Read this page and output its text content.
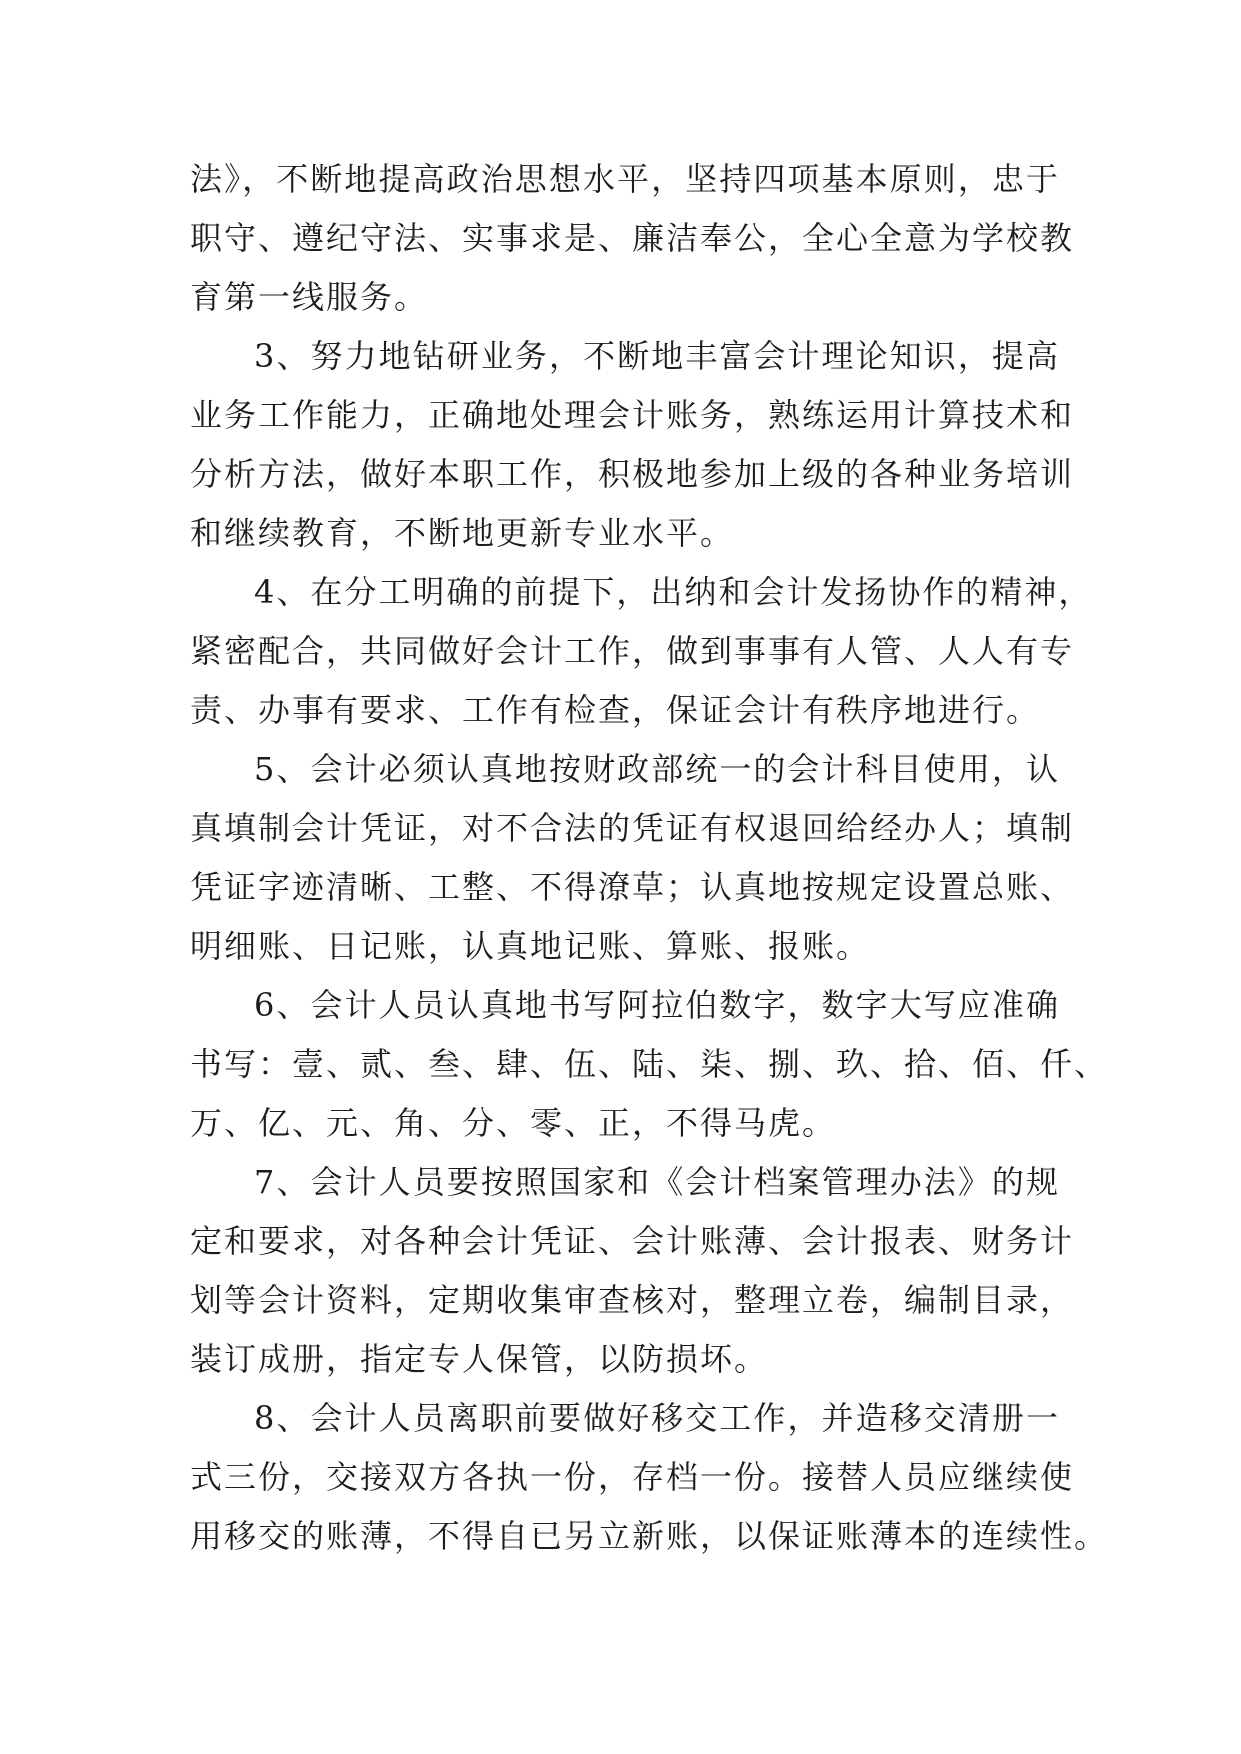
法》，不断地提高政治思想水平，坚持四项基本原则，忠于
职守、遵纪守法、实事求是、廉洁奉公，全心全意为学校教
育第一线服务。
3、努力地钻研业务，不断地丰富会计理论知识，提高
业务工作能力，正确地处理会计账务，熟练运用计算技术和
分析方法，做好本职工作，积极地参加上级的各种业务培训
和继续教育，不断地更新专业水平。
4、在分工明确的前提下，出纳和会计发扬协作的精神，
紧密配合，共同做好会计工作，做到事事有人管、人人有专
责、办事有要求、工作有检查，保证会计有秩序地进行。
5、会计必须认真地按财政部统一的会计科目使用，认
真填制会计凭证，对不合法的凭证有权退回给经办人；填制
凭证字迹清晰、工整、不得潦草；认真地按规定设置总账、
明细账、日记账，认真地记账、算账、报账。
6、会计人员认真地书写阿拉伯数字，数字大写应准确
书写：壹、贰、叁、肆、伍、陆、柒、捌、玖、拾、佰、仟、
万、亿、元、角、分、零、正，不得马虎。
7、会计人员要按照国家和《会计档案管理办法》的规
定和要求，对各种会计凭证、会计账薄、会计报表、财务计
划等会计资料，定期收集审查核对，整理立卷，编制目录，
装订成册，指定专人保管，以防损坏。
8、会计人员离职前要做好移交工作，并造移交清册一
式三份，交接双方各执一份，存档一份。接替人员应继续使
用移交的账薄，不得自已另立新账，以保证账薄本的连续性。
